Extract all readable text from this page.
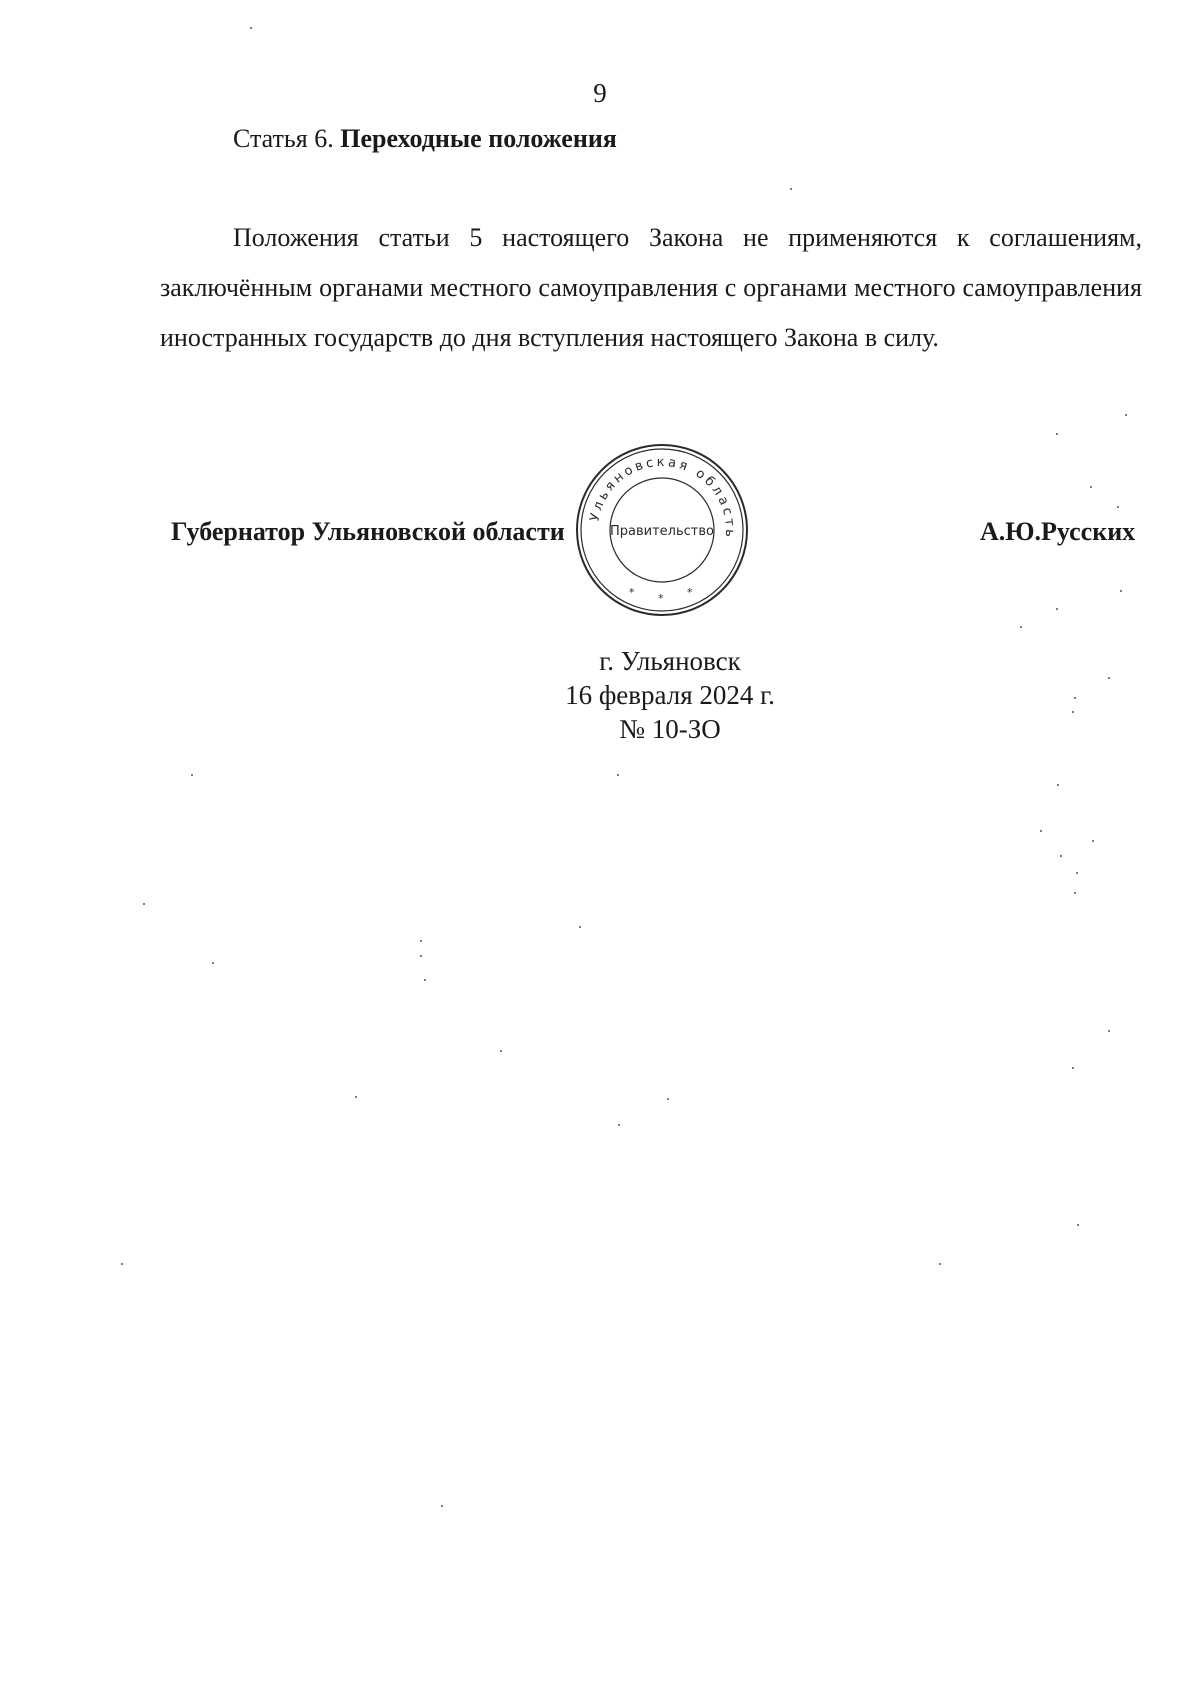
9
Статья 6. Переходные положения

Положения статьи 5 настоящего Закона не применяются к соглашениям, заключённым органами местного самоуправления с органами местного самоуправления иностранных государств до дня вступления настоящего Закона в силу.

Губернатор Ульяновской области	А.Ю.Русских
Ульяновская область
Правительство
* * *
г. Ульяновск
16 февраля 2024 г.
№ 10-ЗО
